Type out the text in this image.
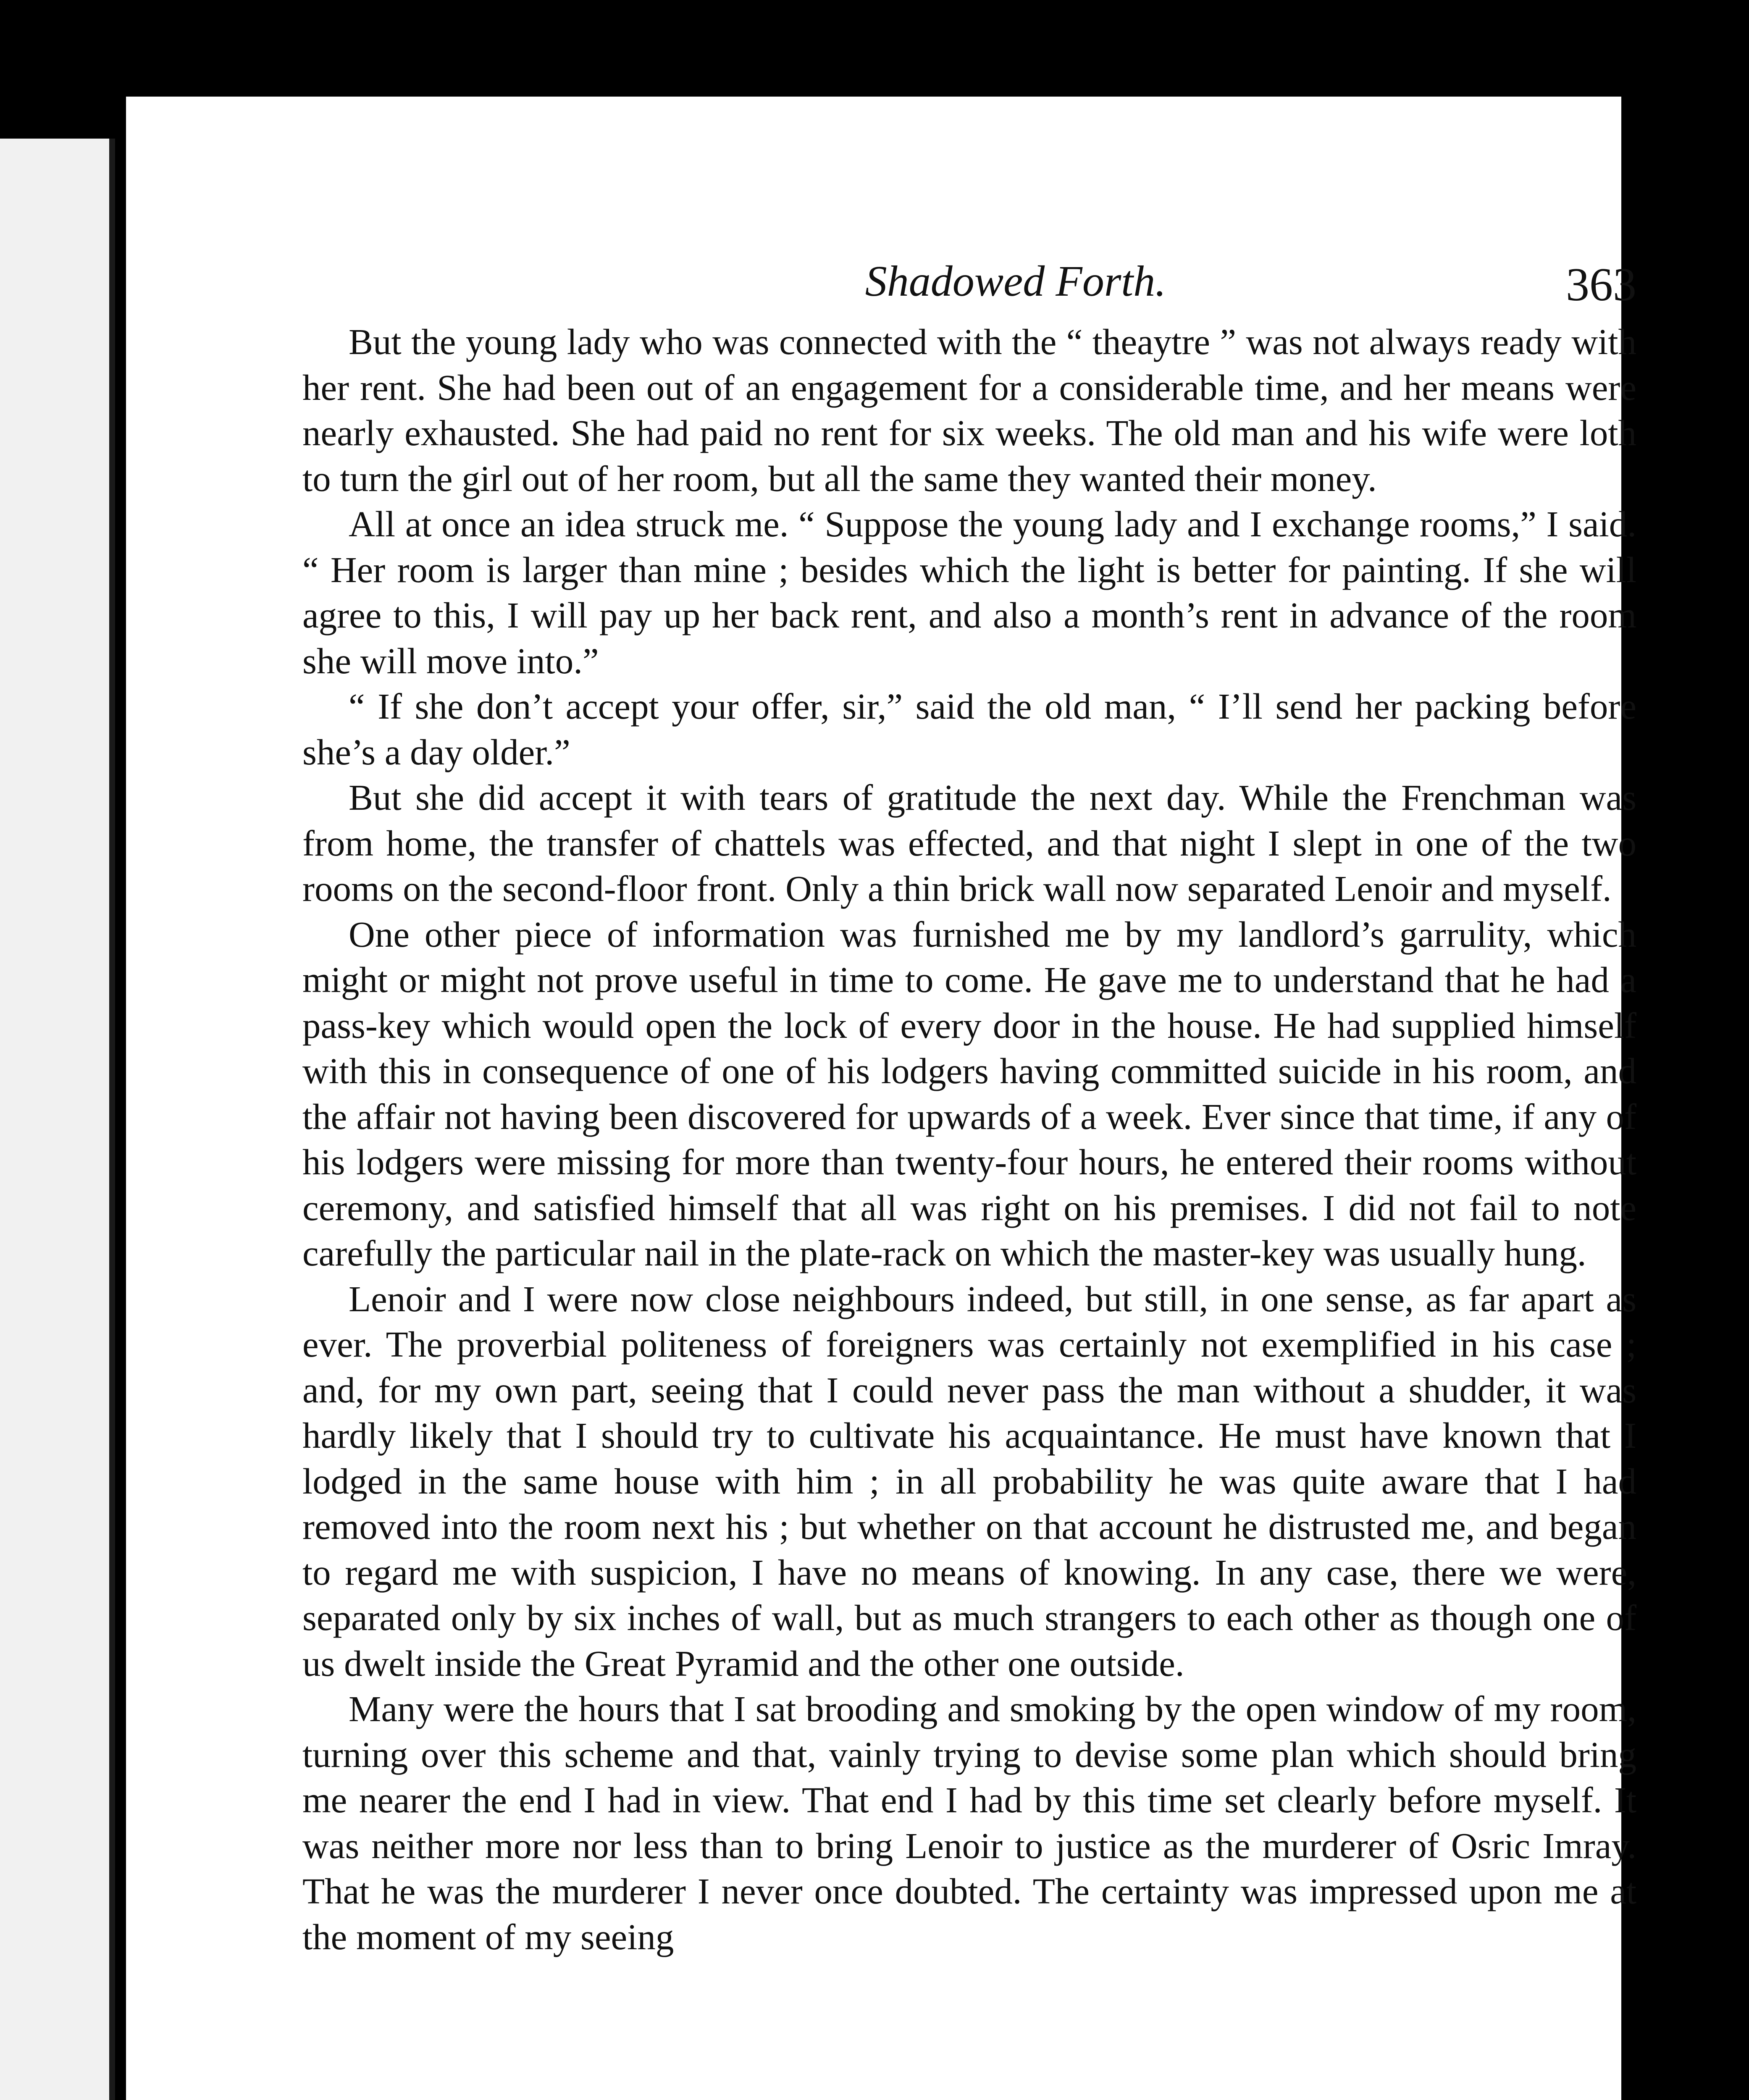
Shadowed Forth.	363

But the young lady who was connected with the “ theaytre ” was not always ready with her rent. She had been out of an engagement for a considerable time, and her means were nearly exhausted. She had paid no rent for six weeks. The old man and his wife were loth to turn the girl out of her room, but all the same they wanted their money.

All at once an idea struck me. “ Suppose the young lady and I exchange rooms,” I said. “ Her room is larger than mine ; besides which the light is better for painting. If she will agree to this, I will pay up her back rent, and also a month’s rent in advance of the room she will move into.”

“ If she don’t accept your offer, sir,” said the old man, “ I’ll send her packing before she’s a day older.”

But she did accept it with tears of gratitude the next day. While the Frenchman was from home, the transfer of chattels was effected, and that night I slept in one of the two rooms on the second-floor front. Only a thin brick wall now separated Lenoir and myself.

One other piece of information was furnished me by my landlord’s garrulity, which might or might not prove useful in time to come. He gave me to understand that he had a pass-key which would open the lock of every door in the house. He had supplied himself with this in consequence of one of his lodgers having committed suicide in his room, and the affair not having been discovered for upwards of a week. Ever since that time, if any of his lodgers were missing for more than twenty-four hours, he entered their rooms without ceremony, and satisfied himself that all was right on his premises. I did not fail to note carefully the particular nail in the plate-rack on which the master-key was usually hung.

Lenoir and I were now close neighbours indeed, but still, in one sense, as far apart as ever. The proverbial politeness of foreigners was certainly not exemplified in his case ; and, for my own part, seeing that I could never pass the man without a shudder, it was hardly likely that I should try to cultivate his acquaintance. He must have known that I lodged in the same house with him ; in all probability he was quite aware that I had removed into the room next his ; but whether on that account he distrusted me, and began to regard me with suspicion, I have no means of knowing. In any case, there we were, separated only by six inches of wall, but as much strangers to each other as though one of us dwelt inside the Great Pyramid and the other one outside.

Many were the hours that I sat brooding and smoking by the open window of my room, turning over this scheme and that, vainly trying to devise some plan which should bring me nearer the end I had in view. That end I had by this time set clearly before myself. It was neither more nor less than to bring Lenoir to justice as the murderer of Osric Imray. That he was the murderer I never once doubted. The certainty was impressed upon me at the moment of my seeing
